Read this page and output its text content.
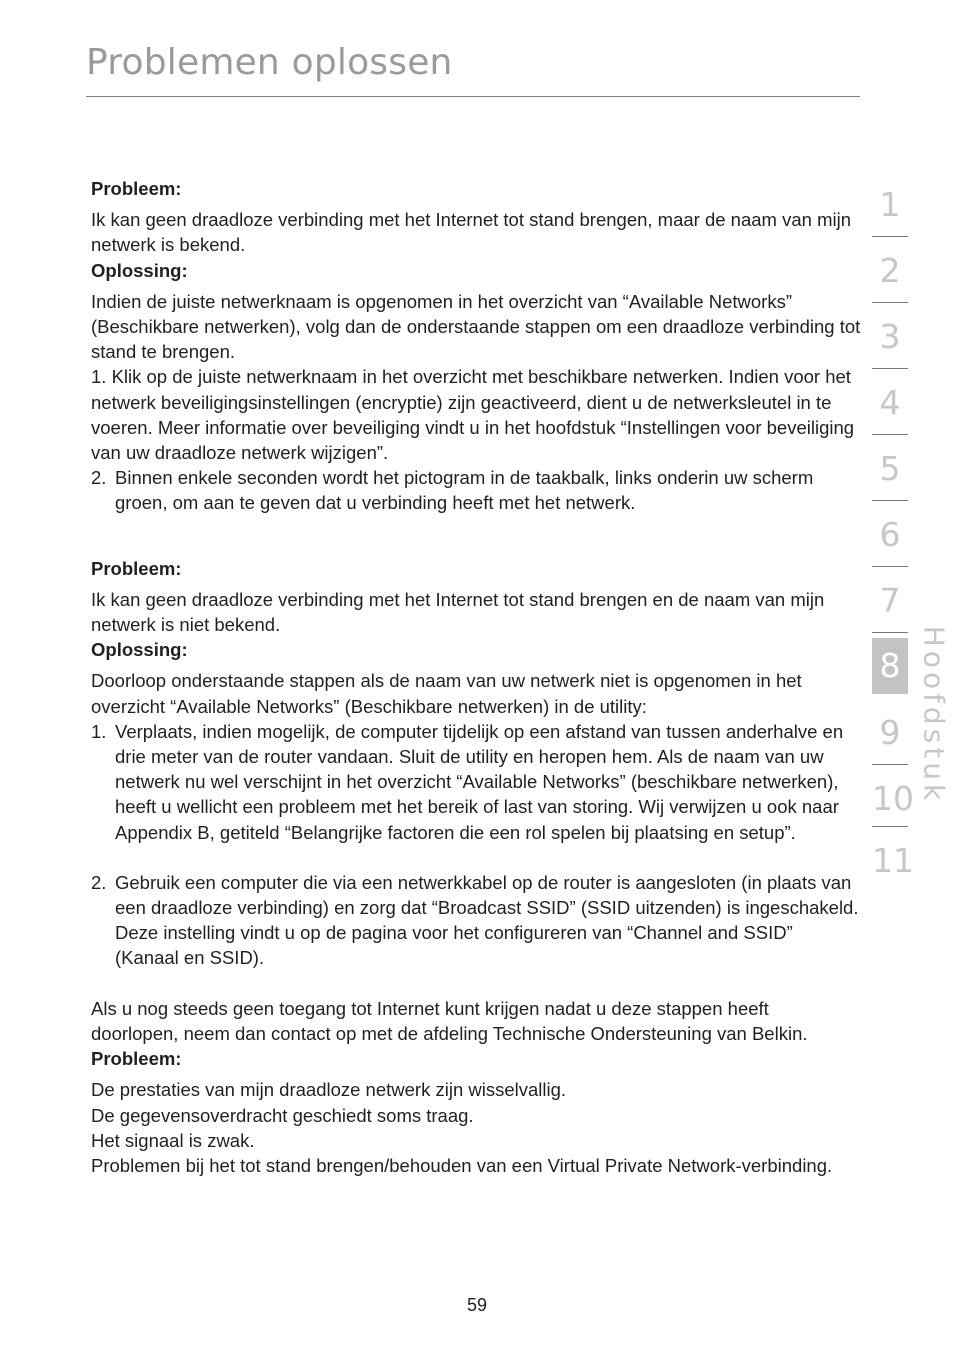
Problemen oplossen

Probleem:

Ik kan geen draadloze verbinding met het Internet tot stand brengen, maar de naam van mijn netwerk is bekend.

Oplossing:

Indien de juiste netwerknaam is opgenomen in het overzicht van “Available Networks” (Beschikbare netwerken), volg dan de onderstaande stappen om een draadloze verbinding tot stand te brengen.

1. Klik op de juiste netwerknaam in het overzicht met beschikbare netwerken. Indien voor het netwerk beveiligingsinstellingen (encryptie) zijn geactiveerd, dient u de netwerksleutel in te voeren. Meer informatie over beveiliging vindt u in het hoofdstuk “Instellingen voor beveiliging van uw draadloze netwerk wijzigen”.

2. Binnen enkele seconden wordt het pictogram in de taakbalk, links onderin uw scherm groen, om aan te geven dat u verbinding heeft met het netwerk.

Probleem:

Ik kan geen draadloze verbinding met het Internet tot stand brengen en de naam van mijn netwerk is niet bekend.

Oplossing:

Doorloop onderstaande stappen als de naam van uw netwerk niet is opgenomen in het overzicht “Available Networks” (Beschikbare netwerken) in de utility:

1. Verplaats, indien mogelijk, de computer tijdelijk op een afstand van tussen anderhalve en drie meter van de router vandaan. Sluit de utility en heropen hem. Als de naam van uw netwerk nu wel verschijnt in het overzicht “Available Networks” (beschikbare netwerken), heeft u wellicht een probleem met het bereik of last van storing. Wij verwijzen u ook naar Appendix B, getiteld “Belangrijke factoren die een rol spelen bij plaatsing en setup”.
2. Gebruik een computer die via een netwerkkabel op de router is aangesloten (in plaats van een draadloze verbinding) en zorg dat “Broadcast SSID” (SSID uitzenden) is ingeschakeld. Deze instelling vindt u op de pagina voor het configureren van “Channel and SSID” (Kanaal en SSID).

Als u nog steeds geen toegang tot Internet kunt krijgen nadat u deze stappen heeft doorlopen, neem dan contact op met de afdeling Technische Ondersteuning van Belkin.

Probleem:

De prestaties van mijn draadloze netwerk zijn wisselvallig.

De gegevensoverdracht geschiedt soms traag.

Het signaal is zwak.

Problemen bij het tot stand brengen/behouden van een Virtual Private Network-verbinding.

1
2
3
4
5
6
7
8
9
10
11
Hoofdstuk
59
